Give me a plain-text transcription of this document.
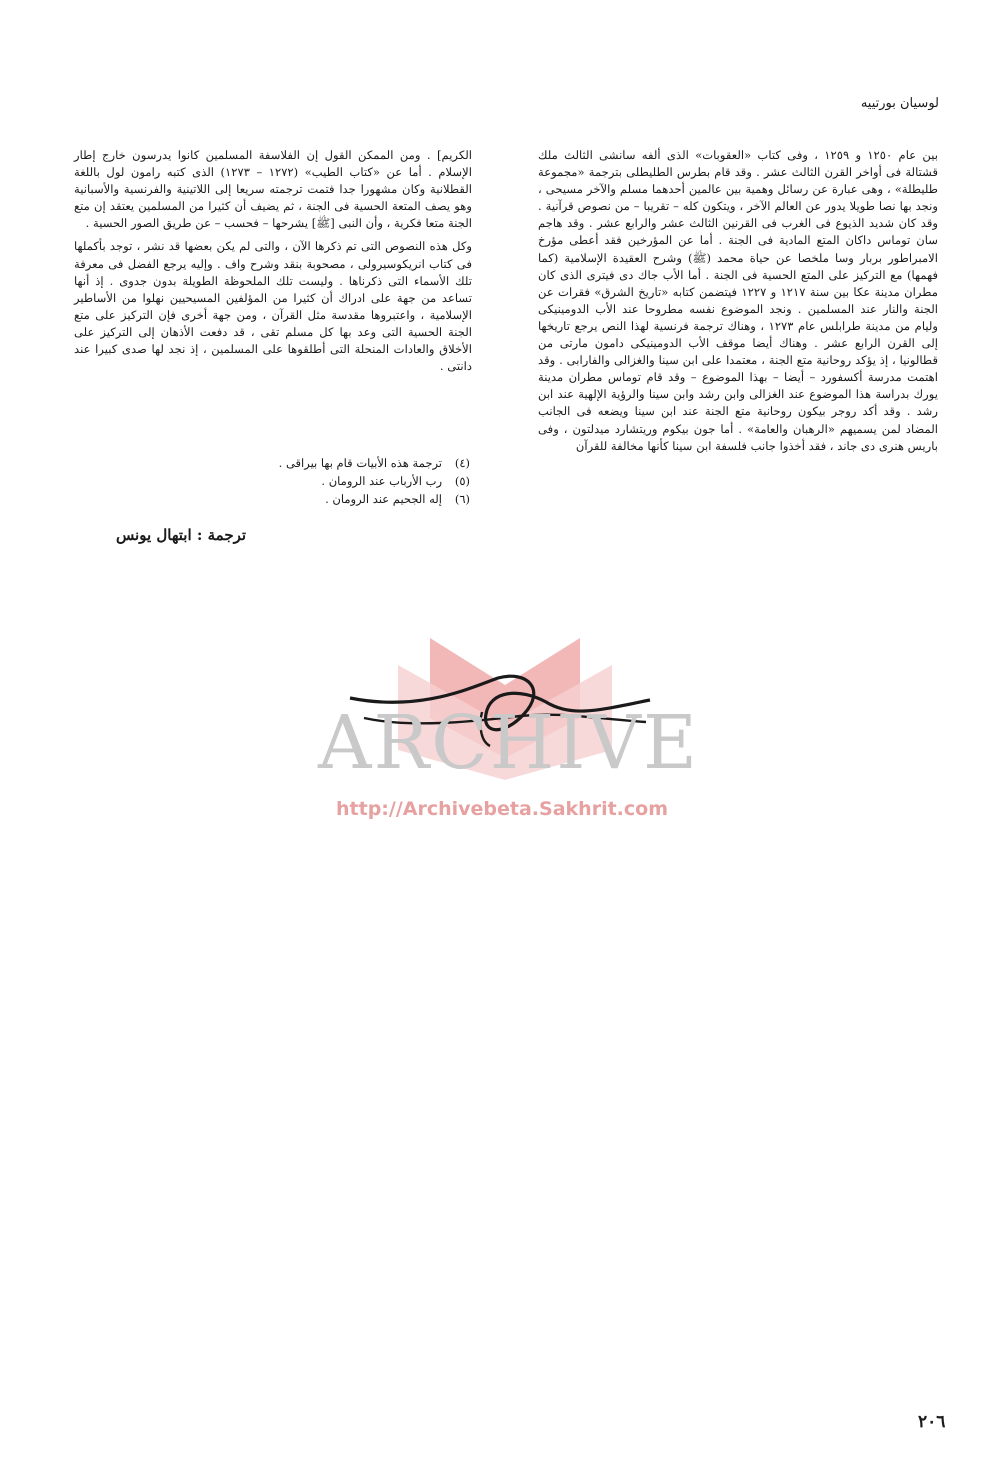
لوسيان بورتييه

بين عام ١٢٥٠ و ١٢٥٩ ، وفى كتاب «العقوبات» الذى ألفه سانشى الثالث ملك قشتالة فى أواخر القرن الثالث عشر . وقد قام بطرس الطليطلى بترجمة «مجموعة طليطلة» ، وهى عبارة عن رسائل وهمية بين عالمين أحدهما مسلم والآخر مسيحى ، ونجد بها نصا طويلا يدور عن العالم الآخر ، ويتكون كله – تقريبا – من نصوص قرآنية . وقد كان شديد الذيوع فى الغرب فى القرنين الثالث عشر والرابع عشر . وقد هاجم سان توماس داكان المتع المادية فى الجنة . أما عن المؤرخين فقد أعطى مؤرخ الامبراطور بربار وسا ملخصا عن حياة محمد (ﷺ) وشرح العقيدة الإسلامية (كما فهمها) مع التركيز على المتع الحسية فى الجنة . أما الأب جاك دى فيترى الذى كان مطران مدينة عكا بين سنة ١٢١٧ و ١٢٢٧ فيتضمن كتابه «تاريخ الشرق» فقرات عن الجنة والنار عند المسلمين . ونجد الموضوع نفسه مطروحا عند الأب الدومينيكى وليام من مدينة طرابلس عام ١٢٧٣ ، وهناك ترجمة فرنسية لهذا النص يرجع تاريخها إلى القرن الرابع عشر . وهناك أيضا موقف الأب الدومينيكى دامون مارتى من قطالونيا ، إذ يؤكد روحانية متع الجنة ، معتمدا على ابن سينا والغزالى والفارابى . وقد اهتمت مدرسة أكسفورد – أيضا – بهذا الموضوع – وقد قام توماس مطران مدينة يورك بدراسة هذا الموضوع عند الغزالى وابن رشد وابن سينا والرؤية الإلهية عند ابن رشد . وقد أكد روجر بيكون روحانية متع الجنة عند ابن سينا ويضعه فى الجانب المضاد لمن يسميهم «الرهبان والعامة» . أما جون بيكوم وريتشارد ميدلتون ، وفى باريس هنرى دى جاند ، فقد أخذوا جانب فلسفة ابن سينا كأنها مخالفة للقرآن

الكريم] . ومن الممكن القول إن الفلاسفة المسلمين كانوا يدرسون خارج إطار الإسلام . أما عن «كتاب الطيب» (١٢٧٢ – ١٢٧٣) الذى كتبه رامون لول باللغة القطلانية وكان مشهورا جدا فتمت ترجمته سريعا إلى اللاتينية والفرنسية والأسبانية وهو يصف المتعة الحسية فى الجنة ، ثم يضيف أن كثيرا من المسلمين يعتقد إن متع الجنة متعا فكرية ، وأن النبى [ﷺ] يشرحها – فحسب – عن طريق الصور الحسية .

وكل هذه النصوص التى تم ذكرها الآن ، والتى لم يكن بعضها قد نشر ، توجد بأكملها فى كتاب انريكوسيرولى ، مصحوبة بنقد وشرح واف . وإليه يرجع الفضل فى معرفة تلك الأسماء التى ذكرناها . وليست تلك الملحوظة الطويلة بدون جدوى . إذ أنها تساعد من جهة على ادراك أن كثيرا من المؤلفين المسيحيين نهلوا من الأساطير الإسلامية ، واعتبروها مقدسة مثل القرآن ، ومن جهة أخرى فإن التركيز على متع الجنة الحسية التى وعد بها كل مسلم تقى ، قد دفعت الأذهان إلى التركيز على الأخلاق والعادات المنحلة التى أطلقوها على المسلمين ، إذ نجد لها صدى كبيرا عند دانتى .

(٤)
ترجمة هذه الأبيات قام بها بيراقى .
(٥)
رب الأرباب عند الرومان .
(٦)
إله الجحيم عند الرومان .
ترجمة : ابتهال يونس
ARCHIVE
http://Archivebeta.Sakhrit.com
٢٠٦
